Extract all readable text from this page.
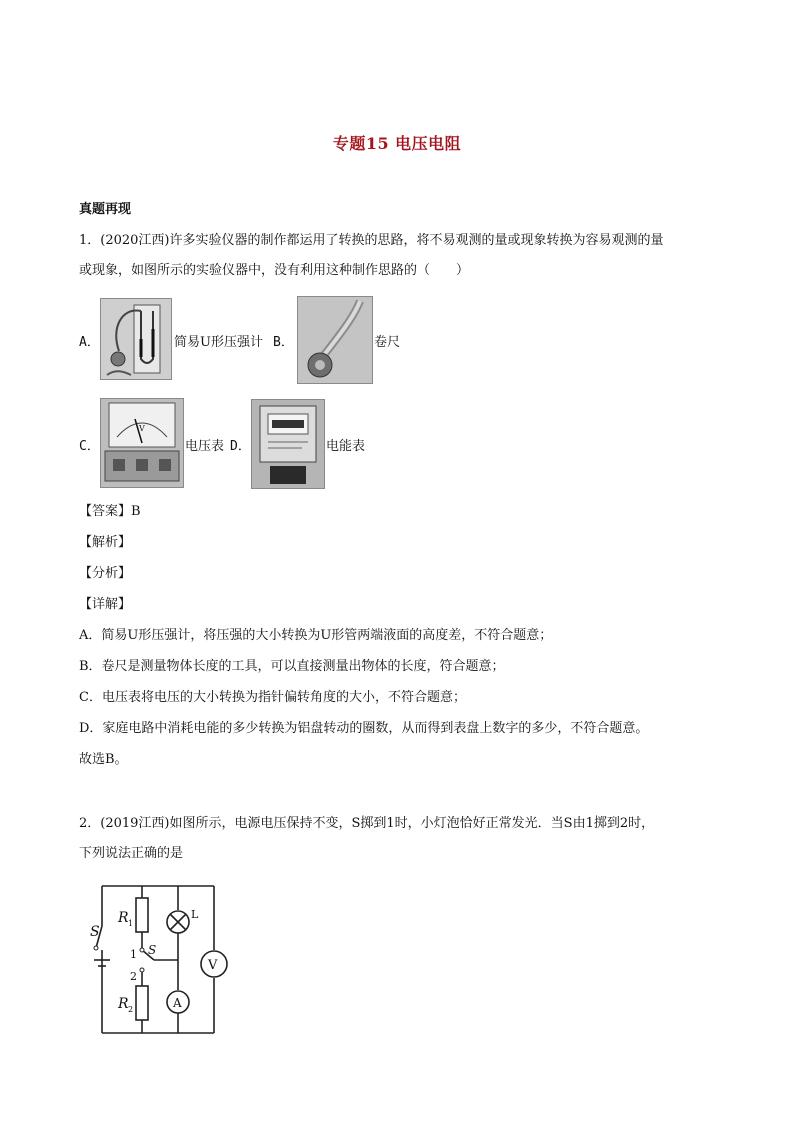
专题15 电压电阻
真题再现
1．(2020江西)许多实验仪器的制作都运用了转换的思路，将不易观测的量或现象转换为容易观测的量
或现象，如图所示的实验仪器中，没有利用这种制作思路的（　　）
A．	简易U形压强计 B．	卷尺
C．
V
电压表 D．	电能表
【答案】B
【解析】
【分析】
【详解】
A．简易U形压强计，将压强的大小转换为U形管两端液面的高度差，不符合题意；
B．卷尺是测量物体长度的工具，可以直接测量出物体的长度，符合题意；
C．电压表将电压的大小转换为指针偏转角度的大小，不符合题意；
D．家庭电路中消耗电能的多少转换为铝盘转动的圈数，从而得到表盘上数字的多少，不符合题意。
故选B。
2．(2019江西)如图所示，电源电压保持不变，S掷到1时，小灯泡恰好正常发光．当S由1掷到2时，
下列说法正确的是
S
R 1
1 S
2
R 2
L
A
V
